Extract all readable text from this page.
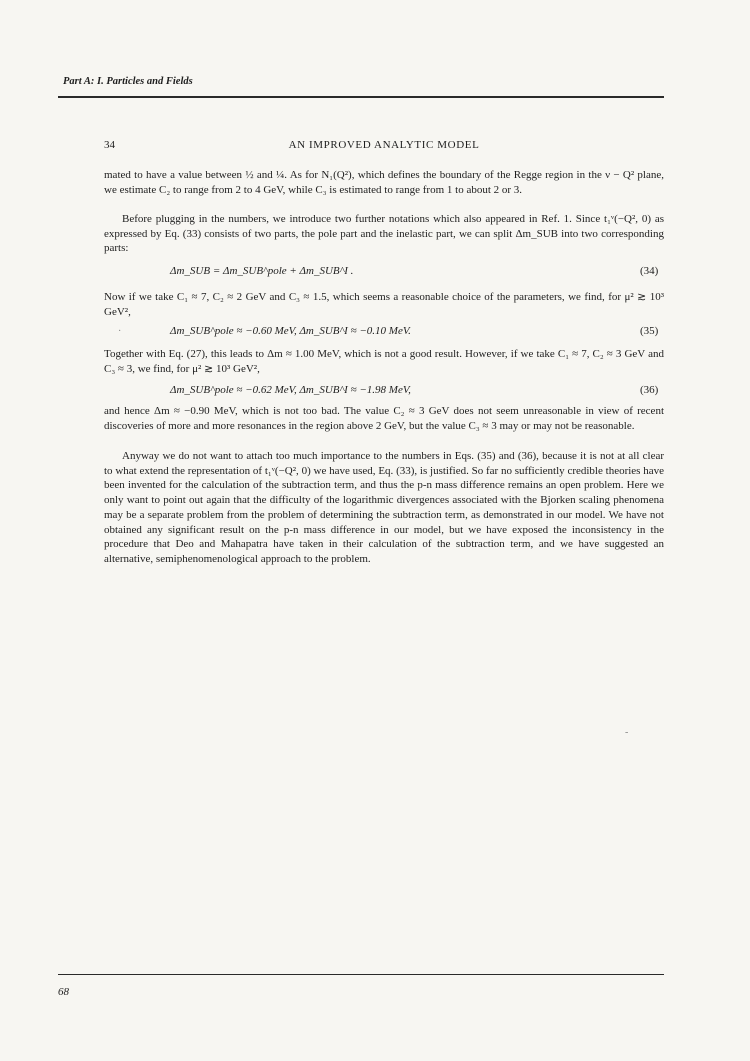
Part A: I. Particles and Fields
34	AN IMPROVED ANALYTIC MODEL
mated to have a value between ½ and ¼. As for N₁(Q²), which defines the boundary of the Regge region in the ν − Q² plane, we estimate C₂ to range from 2 to 4 GeV, while C₃ is estimated to range from 1 to about 2 or 3.
Before plugging in the numbers, we introduce two further notations which also appeared in Ref. 1. Since t₁ᵛ(−Q², 0) as expressed by Eq. (33) consists of two parts, the pole part and the inelastic part, we can split Δm_SUB into two corresponding parts:
Δm_SUB = Δm_SUB^pole + Δm_SUB^I .	(34)
Now if we take C₁ ≈ 7, C₂ ≈ 2 GeV and C₃ ≈ 1.5, which seems a reasonable choice of the parameters, we find, for μ² ≳ 10³ GeV²,
Δm_SUB^pole ≈ −0.60 MeV, Δm_SUB^I ≈ −0.10 MeV.	(35)
Together with Eq. (27), this leads to Δm ≈ 1.00 MeV, which is not a good result. However, if we take C₁ ≈ 7, C₂ ≈ 3 GeV and C₃ ≈ 3, we find, for μ² ≳ 10³ GeV²,
Δm_SUB^pole ≈ −0.62 MeV, Δm_SUB^I ≈ −1.98 MeV,	(36)
and hence Δm ≈ −0.90 MeV, which is not too bad. The value C₂ ≈ 3 GeV does not seem unreasonable in view of recent discoveries of more and more resonances in the region above 2 GeV, but the value C₃ ≈ 3 may or may not be reasonable.
Anyway we do not want to attach too much importance to the numbers in Eqs. (35) and (36), because it is not at all clear to what extend the representation of t₁ᵛ(−Q², 0) we have used, Eq. (33), is justified. So far no sufficiently credible theories have been invented for the calculation of the subtraction term, and thus the p-n mass difference remains an open problem. Here we only want to point out again that the difficulty of the logarithmic divergences associated with the Bjorken scaling phenomena may be a separate problem from the problem of determining the subtraction term, as demonstrated in our model. We have not obtained any significant result on the p-n mass difference in our model, but we have exposed the inconsistency in the procedure that Deo and Mahapatra have taken in their calculation of the subtraction term, and we have suggested an alternative, semiphenomenological approach to the problem.
68
·
-
